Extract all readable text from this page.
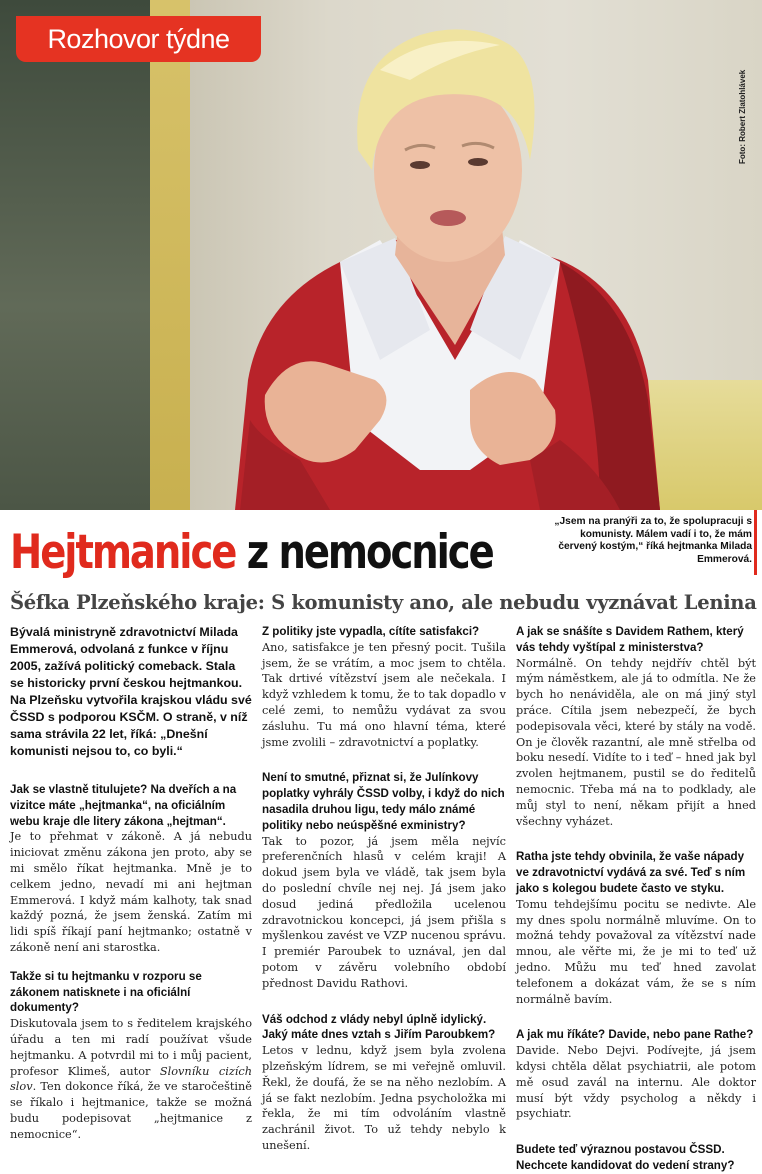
Rozhovor týdne
Foto: Robert Zlatohlávek
Hejtmanice z nemocnice
„Jsem na pranýři za to, že spolupracuji s komunisty. Málem vadí i to, že mám červený kostým,“ říká hejtmanka Milada Emmerová.
Šéfka Plzeňského kraje: S komunisty ano, ale nebudu vyznávat Lenina

Bývalá ministryně zdravotnictví Milada Emmerová, odvolaná z funkce v říjnu 2005, zažívá politický comeback. Stala se historicky první českou hejtmankou. Na Plzeňsku vytvořila krajskou vládu své ČSSD s podporou KSČM. O straně, v níž sama strávila 22 let, říká: „Dnešní komunisti nejsou to, co byli.“

Jak se vlastně titulujete? Na dveřích a na vizitce máte „hejtmanka“, na oficiálním webu kraje dle litery zákona „hejtman“.

Je to přehmat v zákoně. A já nebudu iniciovat změnu zákona jen proto, aby se mi smělo říkat hejtmanka. Mně je to celkem jedno, nevadí mi ani hejtman Emmerová. I když mám kalhoty, tak snad každý pozná, že jsem ženská. Zatím mi lidi spíš říkají paní hejtmanko; ostatně v zákoně není ani starostka.

Takže si tu hejtmanku v rozporu se zákonem natisknete i na oficiální dokumenty?

Diskutovala jsem to s ředitelem krajského úřadu a ten mi radí používat všude hejtmanku. A potvrdil mi to i můj pacient, profesor Klimeš, autor Slovníku cizích slov. Ten dokonce říká, že ve staročeštině se říkalo i hejtmanice, takže se možná budu podepisovat „hejtmanice z nemocnice“.

Z politiky jste vypadla, cítíte satisfakci?

Ano, satisfakce je ten přesný pocit. Tušila jsem, že se vrátím, a moc jsem to chtěla. Tak drtivé vítězství jsem ale nečekala. I když vzhledem k tomu, že to tak dopadlo v celé zemi, to nemůžu vydávat za svou zásluhu. Tu má ono hlavní téma, které jsme zvolili – zdravotnictví a poplatky.

Není to smutné, přiznat si, že Julínkovy poplatky vyhrály ČSSD volby, i když do nich nasadila druhou ligu, tedy málo známé politiky nebo neúspěšné exministry?

Tak to pozor, já jsem měla nejvíc preferenčních hlasů v celém kraji! A dokud jsem byla ve vládě, tak jsem byla do poslední chvíle nej nej. Já jsem jako dosud jediná předložila ucelenou zdravotnickou koncepci, já jsem přišla s myšlenkou zavést ve VZP nucenou správu. I premiér Paroubek to uznával, jen dal potom v závěru volebního období přednost Davidu Rathovi.

Váš odchod z vlády nebyl úplně idylický. Jaký máte dnes vztah s Jiřím Paroubkem?

Letos v lednu, když jsem byla zvolena plzeňským lídrem, se mi veřejně omluvil. Řekl, že doufá, že se na něho nezlobím. A já se fakt nezlobím. Jedna psycholožka mi řekla, že mi tím odvoláním vlastně zachránil život. To už tehdy nebylo k unešení.

A jak se snášíte s Davidem Rathem, který vás tehdy vyštípal z ministerstva?

Normálně. On tehdy nejdřív chtěl být mým náměstkem, ale já to odmítla. Ne že bych ho nenáviděla, ale on má jiný styl práce. Cítila jsem nebezpečí, že bych podepisovala věci, které by stály na vodě. On je člověk razantní, ale mně střelba od boku nesedí. Vidíte to i teď – hned jak byl zvolen hejtmanem, pustil se do ředitelů nemocnic. Třeba má na to podklady, ale můj styl to není, někam přijít a hned všechny vyházet.

Ratha jste tehdy obvinila, že vaše nápady ve zdravotnictví vydává za své. Teď s ním jako s kolegou budete často ve styku.

Tomu tehdejšímu pocitu se nedivte. Ale my dnes spolu normálně mluvíme. On to možná tehdy považoval za vítězství nade mnou, ale věřte mi, že je mi to teď už jedno. Můžu mu teď hned zavolat telefonem a dokázat vám, že se s ním normálně bavím.

A jak mu říkáte? Davide, nebo pane Rathe?

Davide. Nebo Dejvi. Podívejte, já jsem kdysi chtěla dělat psychiatrii, ale potom mě osud zavál na internu. Ale doktor musí být vždy psycholog a někdy i psychiatr.

Budete teď výraznou postavou ČSSD. Nechcete kandidovat do vedení strany?
